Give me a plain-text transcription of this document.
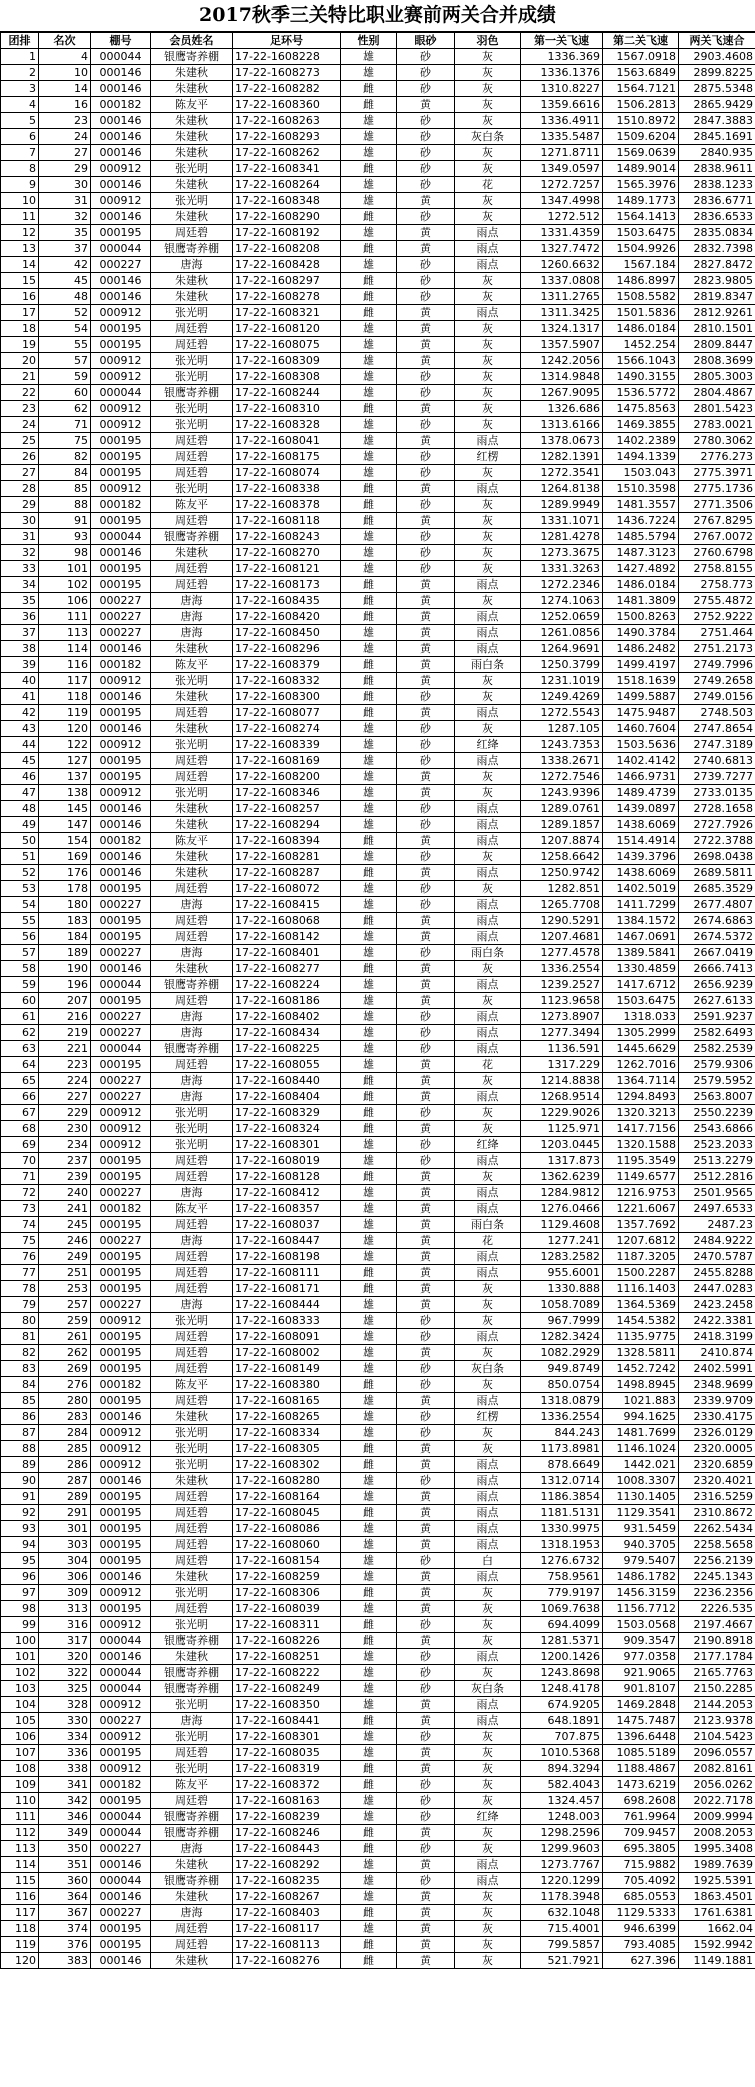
2017秋季三关特比职业赛前两关合并成绩
团排	名次	棚号	会员姓名	足环号	性别	眼砂	羽色	第一关飞速	第二关飞速	两关飞速合
1	4	000044	银鹰寄养棚	17-22-1608228	雄	砂	灰	1336.369	1567.0918	2903.4608
2	10	000146	朱建秋	17-22-1608273	雄	砂	灰	1336.1376	1563.6849	2899.8225
3	14	000146	朱建秋	17-22-1608282	雌	砂	灰	1310.8227	1564.7121	2875.5348
4	16	000182	陈友平	17-22-1608360	雌	黄	灰	1359.6616	1506.2813	2865.9429
5	23	000146	朱建秋	17-22-1608263	雄	砂	灰	1336.4911	1510.8972	2847.3883
6	24	000146	朱建秋	17-22-1608293	雄	砂	灰白条	1335.5487	1509.6204	2845.1691
7	27	000146	朱建秋	17-22-1608262	雄	砂	灰	1271.8711	1569.0639	2840.935
8	29	000912	张光明	17-22-1608341	雌	砂	灰	1349.0597	1489.9014	2838.9611
9	30	000146	朱建秋	17-22-1608264	雄	砂	花	1272.7257	1565.3976	2838.1233
10	31	000912	张光明	17-22-1608348	雄	黄	灰	1347.4998	1489.1773	2836.6771
11	32	000146	朱建秋	17-22-1608290	雌	砂	灰	1272.512	1564.1413	2836.6533
12	35	000195	周廷碧	17-22-1608192	雄	黄	雨点	1331.4359	1503.6475	2835.0834
13	37	000044	银鹰寄养棚	17-22-1608208	雌	黄	雨点	1327.7472	1504.9926	2832.7398
14	42	000227	唐海	17-22-1608428	雄	砂	雨点	1260.6632	1567.184	2827.8472
15	45	000146	朱建秋	17-22-1608297	雌	砂	灰	1337.0808	1486.8997	2823.9805
16	48	000146	朱建秋	17-22-1608278	雌	砂	灰	1311.2765	1508.5582	2819.8347
17	52	000912	张光明	17-22-1608321	雌	黄	雨点	1311.3425	1501.5836	2812.9261
18	54	000195	周廷碧	17-22-1608120	雄	黄	灰	1324.1317	1486.0184	2810.1501
19	55	000195	周廷碧	17-22-1608075	雄	黄	灰	1357.5907	1452.254	2809.8447
20	57	000912	张光明	17-22-1608309	雄	黄	灰	1242.2056	1566.1043	2808.3699
21	59	000912	张光明	17-22-1608308	雄	砂	灰	1314.9848	1490.3155	2805.3003
22	60	000044	银鹰寄养棚	17-22-1608244	雄	砂	灰	1267.9095	1536.5772	2804.4867
23	62	000912	张光明	17-22-1608310	雌	黄	灰	1326.686	1475.8563	2801.5423
24	71	000912	张光明	17-22-1608328	雄	砂	灰	1313.6166	1469.3855	2783.0021
25	75	000195	周廷碧	17-22-1608041	雄	黄	雨点	1378.0673	1402.2389	2780.3062
26	82	000195	周廷碧	17-22-1608175	雄	砂	红楞	1282.1391	1494.1339	2776.273
27	84	000195	周廷碧	17-22-1608074	雄	砂	灰	1272.3541	1503.043	2775.3971
28	85	000912	张光明	17-22-1608338	雌	黄	雨点	1264.8138	1510.3598	2775.1736
29	88	000182	陈友平	17-22-1608378	雌	砂	灰	1289.9949	1481.3557	2771.3506
30	91	000195	周廷碧	17-22-1608118	雌	黄	灰	1331.1071	1436.7224	2767.8295
31	93	000044	银鹰寄养棚	17-22-1608243	雄	砂	灰	1281.4278	1485.5794	2767.0072
32	98	000146	朱建秋	17-22-1608270	雄	砂	灰	1273.3675	1487.3123	2760.6798
33	101	000195	周廷碧	17-22-1608121	雄	砂	灰	1331.3263	1427.4892	2758.8155
34	102	000195	周廷碧	17-22-1608173	雌	黄	雨点	1272.2346	1486.0184	2758.773
35	106	000227	唐海	17-22-1608435	雌	黄	灰	1274.1063	1481.3809	2755.4872
36	111	000227	唐海	17-22-1608420	雌	黄	雨点	1252.0659	1500.8263	2752.9222
37	113	000227	唐海	17-22-1608450	雄	黄	雨点	1261.0856	1490.3784	2751.464
38	114	000146	朱建秋	17-22-1608296	雄	黄	雨点	1264.9691	1486.2482	2751.2173
39	116	000182	陈友平	17-22-1608379	雌	黄	雨白条	1250.3799	1499.4197	2749.7996
40	117	000912	张光明	17-22-1608332	雌	黄	灰	1231.1019	1518.1639	2749.2658
41	118	000146	朱建秋	17-22-1608300	雌	砂	灰	1249.4269	1499.5887	2749.0156
42	119	000195	周廷碧	17-22-1608077	雌	黄	雨点	1272.5543	1475.9487	2748.503
43	120	000146	朱建秋	17-22-1608274	雄	砂	灰	1287.105	1460.7604	2747.8654
44	122	000912	张光明	17-22-1608339	雄	砂	红绛	1243.7353	1503.5636	2747.3189
45	127	000195	周廷碧	17-22-1608169	雄	砂	雨点	1338.2671	1402.4142	2740.6813
46	137	000195	周廷碧	17-22-1608200	雄	黄	灰	1272.7546	1466.9731	2739.7277
47	138	000912	张光明	17-22-1608346	雄	黄	灰	1243.9396	1489.4739	2733.0135
48	145	000146	朱建秋	17-22-1608257	雄	砂	雨点	1289.0761	1439.0897	2728.1658
49	147	000146	朱建秋	17-22-1608294	雄	砂	雨点	1289.1857	1438.6069	2727.7926
50	154	000182	陈友平	17-22-1608394	雌	黄	雨点	1207.8874	1514.4914	2722.3788
51	169	000146	朱建秋	17-22-1608281	雄	砂	灰	1258.6642	1439.3796	2698.0438
52	176	000146	朱建秋	17-22-1608287	雌	黄	雨点	1250.9742	1438.6069	2689.5811
53	178	000195	周廷碧	17-22-1608072	雄	砂	灰	1282.851	1402.5019	2685.3529
54	180	000227	唐海	17-22-1608415	雄	砂	雨点	1265.7708	1411.7299	2677.4807
55	183	000195	周廷碧	17-22-1608068	雌	黄	雨点	1290.5291	1384.1572	2674.6863
56	184	000195	周廷碧	17-22-1608142	雄	黄	雨点	1207.4681	1467.0691	2674.5372
57	189	000227	唐海	17-22-1608401	雄	砂	雨白条	1277.4578	1389.5841	2667.0419
58	190	000146	朱建秋	17-22-1608277	雌	黄	灰	1336.2554	1330.4859	2666.7413
59	196	000044	银鹰寄养棚	17-22-1608224	雄	黄	雨点	1239.2527	1417.6712	2656.9239
60	207	000195	周廷碧	17-22-1608186	雄	黄	灰	1123.9658	1503.6475	2627.6133
61	216	000227	唐海	17-22-1608402	雄	砂	雨点	1273.8907	1318.033	2591.9237
62	219	000227	唐海	17-22-1608434	雄	砂	雨点	1277.3494	1305.2999	2582.6493
63	221	000044	银鹰寄养棚	17-22-1608225	雄	砂	雨点	1136.591	1445.6629	2582.2539
64	223	000195	周廷碧	17-22-1608055	雄	黄	花	1317.229	1262.7016	2579.9306
65	224	000227	唐海	17-22-1608440	雌	黄	灰	1214.8838	1364.7114	2579.5952
66	227	000227	唐海	17-22-1608404	雌	黄	雨点	1268.9514	1294.8493	2563.8007
67	229	000912	张光明	17-22-1608329	雌	砂	灰	1229.9026	1320.3213	2550.2239
68	230	000912	张光明	17-22-1608324	雌	黄	灰	1125.971	1417.7156	2543.6866
69	234	000912	张光明	17-22-1608301	雄	砂	红绛	1203.0445	1320.1588	2523.2033
70	237	000195	周廷碧	17-22-1608019	雄	砂	雨点	1317.873	1195.3549	2513.2279
71	239	000195	周廷碧	17-22-1608128	雌	黄	灰	1362.6239	1149.6577	2512.2816
72	240	000227	唐海	17-22-1608412	雄	黄	雨点	1284.9812	1216.9753	2501.9565
73	241	000182	陈友平	17-22-1608357	雄	黄	雨点	1276.0466	1221.6067	2497.6533
74	245	000195	周廷碧	17-22-1608037	雄	黄	雨白条	1129.4608	1357.7692	2487.23
75	246	000227	唐海	17-22-1608447	雄	黄	花	1277.241	1207.6812	2484.9222
76	249	000195	周廷碧	17-22-1608198	雄	黄	雨点	1283.2582	1187.3205	2470.5787
77	251	000195	周廷碧	17-22-1608111	雌	黄	雨点	955.6001	1500.2287	2455.8288
78	253	000195	周廷碧	17-22-1608171	雌	黄	灰	1330.888	1116.1403	2447.0283
79	257	000227	唐海	17-22-1608444	雄	黄	灰	1058.7089	1364.5369	2423.2458
80	259	000912	张光明	17-22-1608333	雄	砂	灰	967.7999	1454.5382	2422.3381
81	261	000195	周廷碧	17-22-1608091	雄	砂	雨点	1282.3424	1135.9775	2418.3199
82	262	000195	周廷碧	17-22-1608002	雄	黄	灰	1082.2929	1328.5811	2410.874
83	269	000195	周廷碧	17-22-1608149	雄	砂	灰白条	949.8749	1452.7242	2402.5991
84	276	000182	陈友平	17-22-1608380	雌	砂	灰	850.0754	1498.8945	2348.9699
85	280	000195	周廷碧	17-22-1608165	雄	黄	雨点	1318.0879	1021.883	2339.9709
86	283	000146	朱建秋	17-22-1608265	雄	砂	红楞	1336.2554	994.1625	2330.4175
87	284	000912	张光明	17-22-1608334	雄	砂	灰	844.243	1481.7699	2326.0129
88	285	000912	张光明	17-22-1608305	雌	黄	灰	1173.8981	1146.1024	2320.0005
89	286	000912	张光明	17-22-1608302	雌	黄	雨点	878.6649	1442.021	2320.6859
90	287	000146	朱建秋	17-22-1608280	雄	砂	雨点	1312.0714	1008.3307	2320.4021
91	289	000195	周廷碧	17-22-1608164	雄	黄	雨点	1186.3854	1130.1405	2316.5259
92	291	000195	周廷碧	17-22-1608045	雌	黄	雨点	1181.5131	1129.3541	2310.8672
93	301	000195	周廷碧	17-22-1608086	雄	黄	雨点	1330.9975	931.5459	2262.5434
94	303	000195	周廷碧	17-22-1608060	雄	黄	雨点	1318.1953	940.3705	2258.5658
95	304	000195	周廷碧	17-22-1608154	雄	砂	白	1276.6732	979.5407	2256.2139
96	306	000146	朱建秋	17-22-1608259	雄	黄	雨点	758.9561	1486.1782	2245.1343
97	309	000912	张光明	17-22-1608306	雌	黄	灰	779.9197	1456.3159	2236.2356
98	313	000195	周廷碧	17-22-1608039	雄	黄	灰	1069.7638	1156.7712	2226.535
99	316	000912	张光明	17-22-1608311	雌	砂	灰	694.4099	1503.0568	2197.4667
100	317	000044	银鹰寄养棚	17-22-1608226	雌	黄	灰	1281.5371	909.3547	2190.8918
101	320	000146	朱建秋	17-22-1608251	雄	砂	雨点	1200.1426	977.0358	2177.1784
102	322	000044	银鹰寄养棚	17-22-1608222	雄	砂	灰	1243.8698	921.9065	2165.7763
103	325	000044	银鹰寄养棚	17-22-1608249	雄	砂	灰白条	1248.4178	901.8107	2150.2285
104	328	000912	张光明	17-22-1608350	雄	黄	雨点	674.9205	1469.2848	2144.2053
105	330	000227	唐海	17-22-1608441	雌	黄	雨点	648.1891	1475.7487	2123.9378
106	334	000912	张光明	17-22-1608301	雄	砂	灰	707.875	1396.6448	2104.5423
107	336	000195	周廷碧	17-22-1608035	雄	黄	灰	1010.5368	1085.5189	2096.0557
108	338	000912	张光明	17-22-1608319	雌	黄	灰	894.3294	1188.4867	2082.8161
109	341	000182	陈友平	17-22-1608372	雌	砂	灰	582.4043	1473.6219	2056.0262
110	342	000195	周廷碧	17-22-1608163	雄	砂	灰	1324.457	698.2608	2022.7178
111	346	000044	银鹰寄养棚	17-22-1608239	雄	砂	红绛	1248.003	761.9964	2009.9994
112	349	000044	银鹰寄养棚	17-22-1608246	雌	黄	灰	1298.2596	709.9457	2008.2053
113	350	000227	唐海	17-22-1608443	雌	砂	灰	1299.9603	695.3805	1995.3408
114	351	000146	朱建秋	17-22-1608292	雄	黄	雨点	1273.7767	715.9882	1989.7639
115	360	000044	银鹰寄养棚	17-22-1608235	雄	砂	雨点	1220.1299	705.4092	1925.5391
116	364	000146	朱建秋	17-22-1608267	雄	黄	灰	1178.3948	685.0553	1863.4501
117	367	000227	唐海	17-22-1608403	雌	黄	灰	632.1048	1129.5333	1761.6381
118	374	000195	周廷碧	17-22-1608117	雄	黄	灰	715.4001	946.6399	1662.04
119	376	000195	周廷碧	17-22-1608113	雌	黄	灰	799.5857	793.4085	1592.9942
120	383	000146	朱建秋	17-22-1608276	雌	黄	灰	521.7921	627.396	1149.1881
